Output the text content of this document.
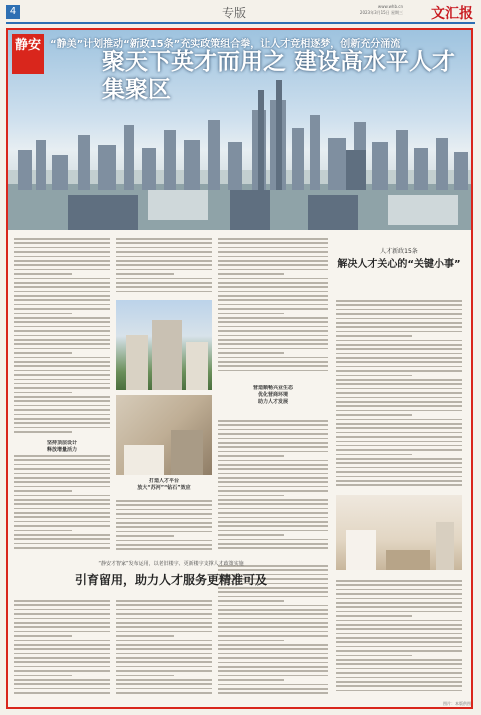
4	专版	www.whb.cn
2023年3月15日 星期三 文汇报
静安 “静美”计划推动“新政15条”充实政策组合拳，让人才竞相逐梦，创新充分涌流
聚天下英才而用之 建设高水平人才集聚区
坚持顶层设计
释放增量活力
打造人才平台
放大“苏河”“钻石”效应
营造顺畅兴业生态
优化营商环境
助力人才发展
人才新政15条
解决人才关心的“关键小事”
“静安才智家”发布运用，以老旧楼宇、更新楼宇支撑人才政策实施
引育留用，助力人才服务更精准可及
图片：本版供图
